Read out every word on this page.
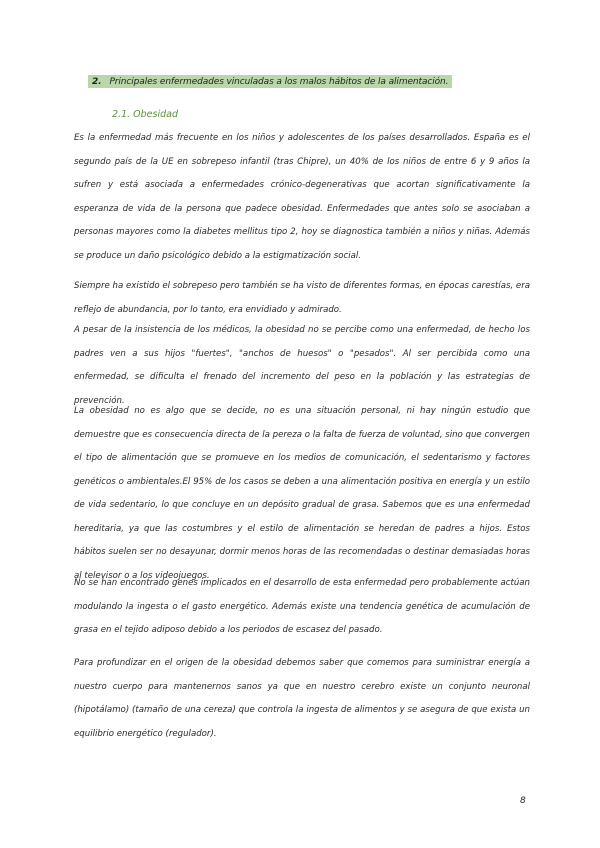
2. Principales enfermedades vinculadas a los malos hábitos de la alimentación.
2.1. Obesidad

Es la enfermedad más frecuente en los niños y adolescentes de los países desarrollados. España es el segundo país de la UE en sobrepeso infantil (tras Chipre), un 40% de los niños de entre 6 y 9 años la sufren y está asociada a enfermedades crónico-degenerativas que acortan significativamente la esperanza de vida de la persona que padece obesidad. Enfermedades que antes solo se asociaban a personas mayores como la diabetes mellitus tipo 2, hoy se diagnostica también a niños y niñas. Además se produce un daño psicológico debido a la estigmatización social.

Siempre ha existido el sobrepeso pero también se ha visto de diferentes formas, en épocas carestías, era reflejo de abundancia, por lo tanto, era envidiado y admirado.

A pesar de la insistencia de los médicos, la obesidad no se percibe como una enfermedad, de hecho los padres ven a sus hijos "fuertes", "anchos de huesos" o "pesados". Al ser percibida como una enfermedad, se dificulta el frenado del incremento del peso en la población y las estrategias de prevención.

La obesidad no es algo que se decide, no es una situación personal, ni hay ningún estudio que demuestre que es consecuencia directa de la pereza o la falta de fuerza de voluntad, sino que convergen el tipo de alimentación que se promueve en los medios de comunicación, el sedentarismo y factores genéticos o ambientales.El 95% de los casos se deben a una alimentación positiva en energía y un estilo de vida sedentario, lo que concluye en un depósito gradual de grasa. Sabemos que es una enfermedad hereditaria, ya que las costumbres y el estilo de alimentación se heredan de padres a hijos. Estos hábitos suelen ser no desayunar, dormir menos horas de las recomendadas o destinar demasiadas horas al televisor o a los videojuegos.

No se han encontrado genes implicados en el desarrollo de esta enfermedad pero probablemente actúan modulando la ingesta o el gasto energético. Además existe una tendencia genética de acumulación de grasa en el tejido adiposo debido a los periodos de escasez del pasado.

Para profundizar en el origen de la obesidad debemos saber que comemos para suministrar energía a nuestro cuerpo para mantenernos sanos ya que en nuestro cerebro existe un conjunto neuronal (hipotálamo) (tamaño de una cereza) que controla la ingesta de alimentos y se asegura de que exista un equilibrio energético (regulador).

8
